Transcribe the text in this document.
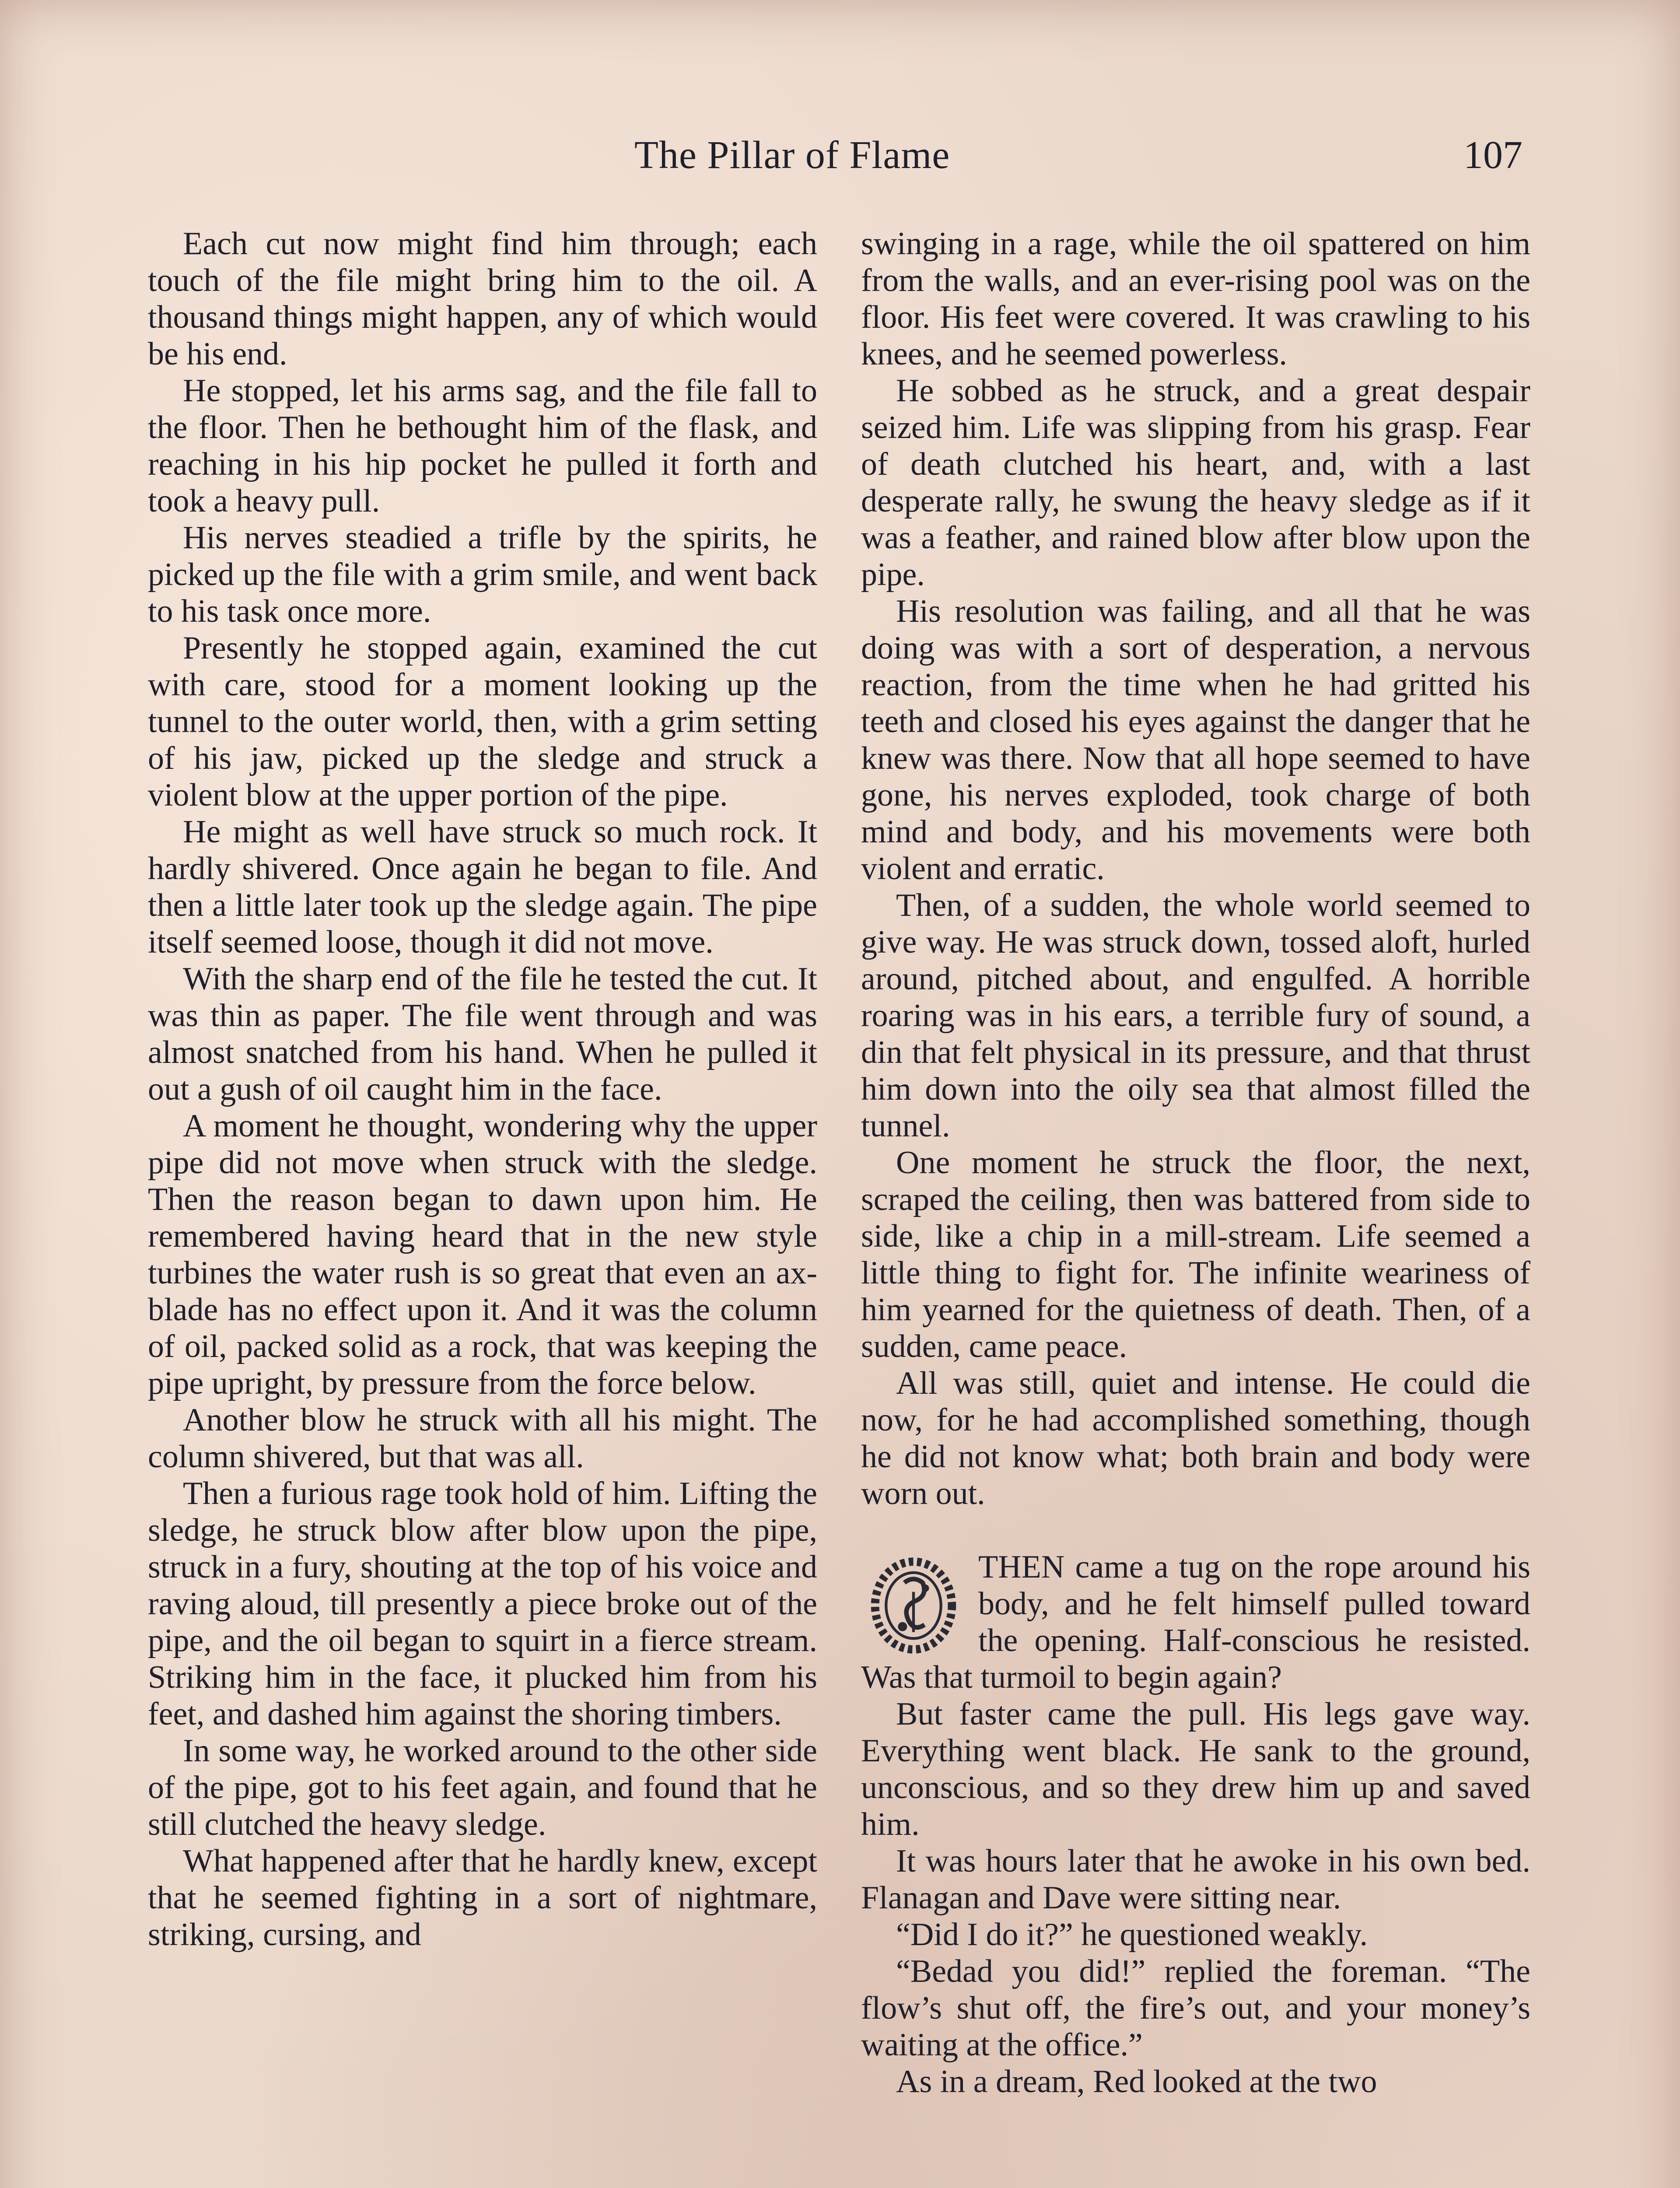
The Pillar of Flame	107

Each cut now might find him through; each touch of the file might bring him to the oil. A thousand things might happen, any of which would be his end.

He stopped, let his arms sag, and the file fall to the floor. Then he bethought him of the flask, and reaching in his hip pocket he pulled it forth and took a heavy pull.

His nerves steadied a trifle by the spirits, he picked up the file with a grim smile, and went back to his task once more.

Presently he stopped again, examined the cut with care, stood for a moment looking up the tunnel to the outer world, then, with a grim setting of his jaw, picked up the sledge and struck a violent blow at the upper portion of the pipe.

He might as well have struck so much rock. It hardly shivered. Once again he began to file. And then a little later took up the sledge again. The pipe itself seemed loose, though it did not move.

With the sharp end of the file he tested the cut. It was thin as paper. The file went through and was almost snatched from his hand. When he pulled it out a gush of oil caught him in the face.

A moment he thought, wondering why the upper pipe did not move when struck with the sledge. Then the reason began to dawn upon him. He remembered having heard that in the new style turbines the water rush is so great that even an ax-blade has no effect upon it. And it was the column of oil, packed solid as a rock, that was keeping the pipe upright, by pressure from the force below.

Another blow he struck with all his might. The column shivered, but that was all.

Then a furious rage took hold of him. Lifting the sledge, he struck blow after blow upon the pipe, struck in a fury, shouting at the top of his voice and raving aloud, till presently a piece broke out of the pipe, and the oil began to squirt in a fierce stream. Striking him in the face, it plucked him from his feet, and dashed him against the shoring timbers.

In some way, he worked around to the other side of the pipe, got to his feet again, and found that he still clutched the heavy sledge.

What happened after that he hardly knew, except that he seemed fighting in a sort of nightmare, striking, cursing, and

swinging in a rage, while the oil spattered on him from the walls, and an ever-rising pool was on the floor. His feet were covered. It was crawling to his knees, and he seemed powerless.

He sobbed as he struck, and a great despair seized him. Life was slipping from his grasp. Fear of death clutched his heart, and, with a last desperate rally, he swung the heavy sledge as if it was a feather, and rained blow after blow upon the pipe.

His resolution was failing, and all that he was doing was with a sort of desperation, a nervous reaction, from the time when he had gritted his teeth and closed his eyes against the danger that he knew was there. Now that all hope seemed to have gone, his nerves exploded, took charge of both mind and body, and his movements were both violent and erratic.

Then, of a sudden, the whole world seemed to give way. He was struck down, tossed aloft, hurled around, pitched about, and engulfed. A horrible roaring was in his ears, a terrible fury of sound, a din that felt physical in its pressure, and that thrust him down into the oily sea that almost filled the tunnel.

One moment he struck the floor, the next, scraped the ceiling, then was battered from side to side, like a chip in a mill-stream. Life seemed a little thing to fight for. The infinite weariness of him yearned for the quietness of death. Then, of a sudden, came peace.

All was still, quiet and intense. He could die now, for he had accomplished something, though he did not know what; both brain and body were worn out.

THEN came a tug on the rope around his body, and he felt himself pulled toward the opening. Half-conscious he resisted. Was that turmoil to begin again?

But faster came the pull. His legs gave way. Everything went black. He sank to the ground, unconscious, and so they drew him up and saved him.

It was hours later that he awoke in his own bed. Flanagan and Dave were sitting near.

“Did I do it?” he questioned weakly.

“Bedad you did!” replied the foreman. “The flow’s shut off, the fire’s out, and your money’s waiting at the office.”

As in a dream, Red looked at the two
